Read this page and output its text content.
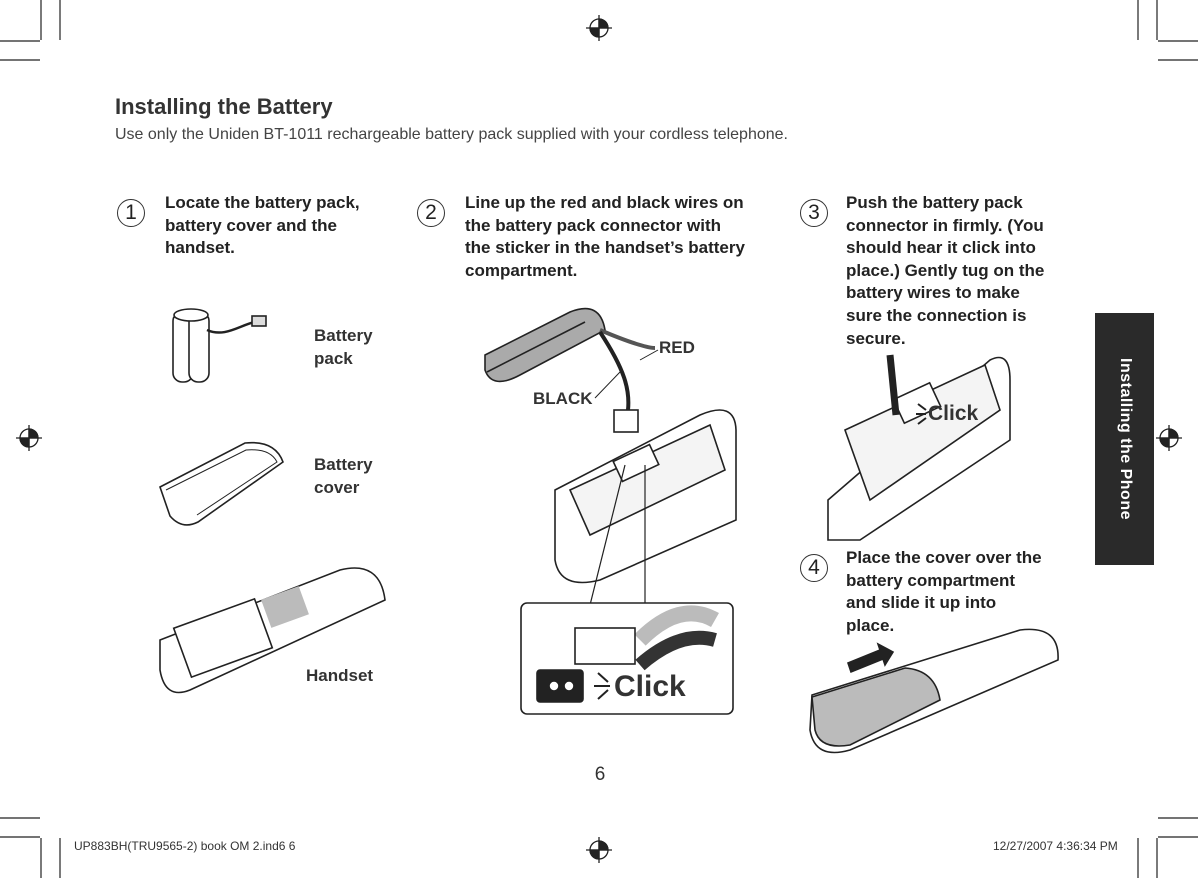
Installing the Battery
Use only the Uniden BT-1011 rechargeable battery pack supplied with your cordless telephone.
1	Locate the battery pack,
battery cover and the
handset.
2	Line up the red and black wires on
the battery pack connector with
the sticker in the handset’s battery
compartment.
3	Push the battery pack
connector in firmly. (You
should hear it click into
place.) Gently tug on the
battery wires to make
sure the connection is
secure.
4	Place the cover over the
battery compartment
and slide it up into
place.
Battery
pack
Battery
cover
Handset
RED
BLACK
Click
Click	Installing the Phone
6
UP883BH(TRU9565-2) book OM 2.ind6 6	12/27/2007 4:36:34 PM
